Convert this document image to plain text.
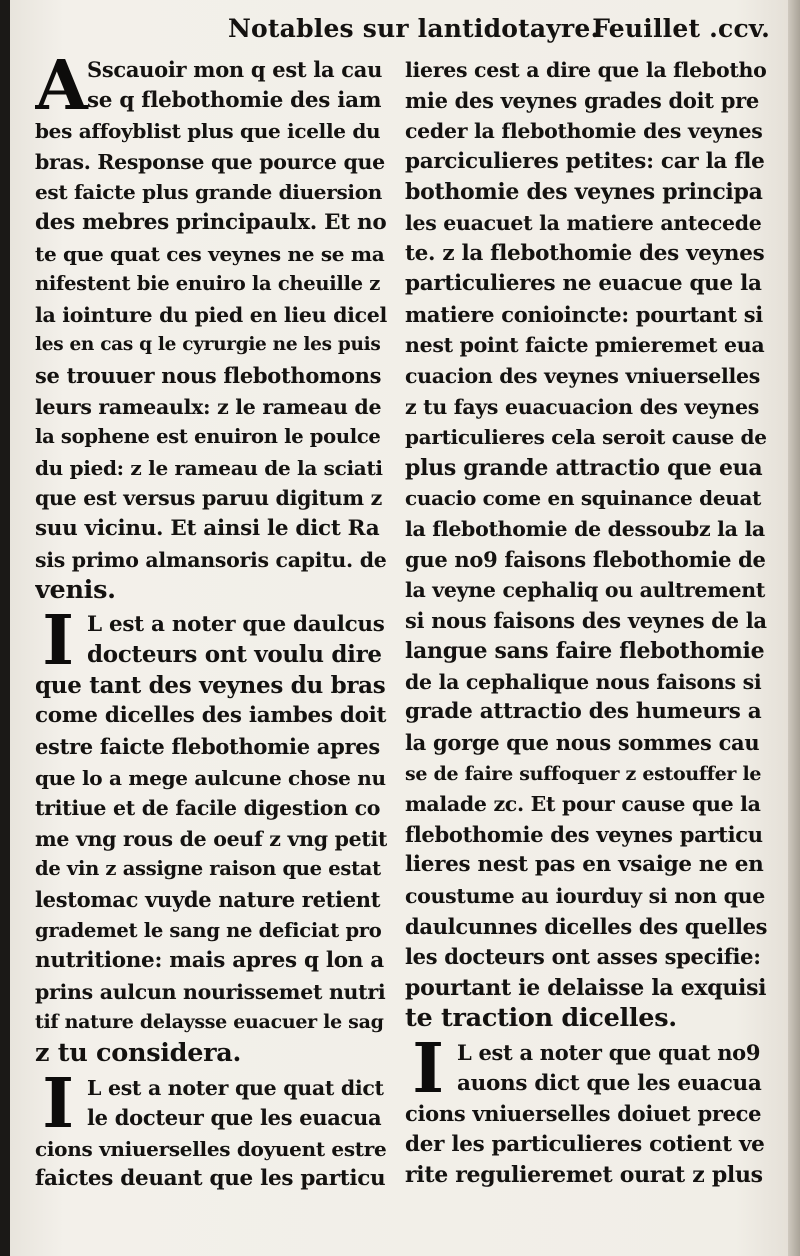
Notables sur lantidotayre.
Feuillet .ccv.
A Sscauoir mon q est la cau
se q flebothomie des iam
bes affoyblist plus que icelle du
bras. Response que pource que
est faicte plus grande diuersion
des mebres principaulx. Et no
te que quat ces veynes ne se ma
nifestent bie enuiro la cheuille z
la iointure du pied en lieu dicel
les en cas q le cyrurgie ne les puis
se trouuer nous flebothomons
leurs rameaulx: z le rameau de
la sophene est enuiron le poulce
du pied: z le rameau de la sciati
que est versus paruu digitum z
suu vicinu. Et ainsi le dict Ra
sis primo almansoris capitu. de
venis.
I L est a noter que daulcus
docteurs ont voulu dire
que tant des veynes du bras
come dicelles des iambes doit
estre faicte flebothomie apres
que lo a mege aulcune chose nu
tritiue et de facile digestion co
me vng rous de oeuf z vng petit
de vin z assigne raison que estat
lestomac vuyde nature retient
grademet le sang ne deficiat pro
nutritione: mais apres q lon a
prins aulcun nourissemet nutri
tif nature delaysse euacuer le sag
z tu considera.
I L est a noter que quat dict
le docteur que les euacua
cions vniuerselles doyuent estre
faictes deuant que les particu
lieres cest a dire que la flebotho
mie des veynes grades doit pre
ceder la flebothomie des veynes
parciculieres petites: car la fle
bothomie des veynes principa
les euacuet la matiere antecede
te. z la flebothomie des veynes
particulieres ne euacue que la
matiere conioincte: pourtant si
nest point faicte pmieremet eua
cuacion des veynes vniuerselles
z tu fays euacuacion des veynes
particulieres cela seroit cause de
plus grande attractio que eua
cuacio come en squinance deuat
la flebothomie de dessoubz la la
gue no9 faisons flebothomie de
la veyne cephaliq ou aultrement
si nous faisons des veynes de la
langue sans faire flebothomie
de la cephalique nous faisons si
grade attractio des humeurs a
la gorge que nous sommes cau
se de faire suffoquer z estouffer le
malade zc. Et pour cause que la
flebothomie des veynes particu
lieres nest pas en vsaige ne en
coustume au iourduy si non que
daulcunnes dicelles des quelles
les docteurs ont asses specifie:
pourtant ie delaisse la exquisi
te traction dicelles.
I L est a noter que quat no9
auons dict que les euacua
cions vniuerselles doiuet prece
der les particulieres cotient ve
rite regulieremet ourat z plus
